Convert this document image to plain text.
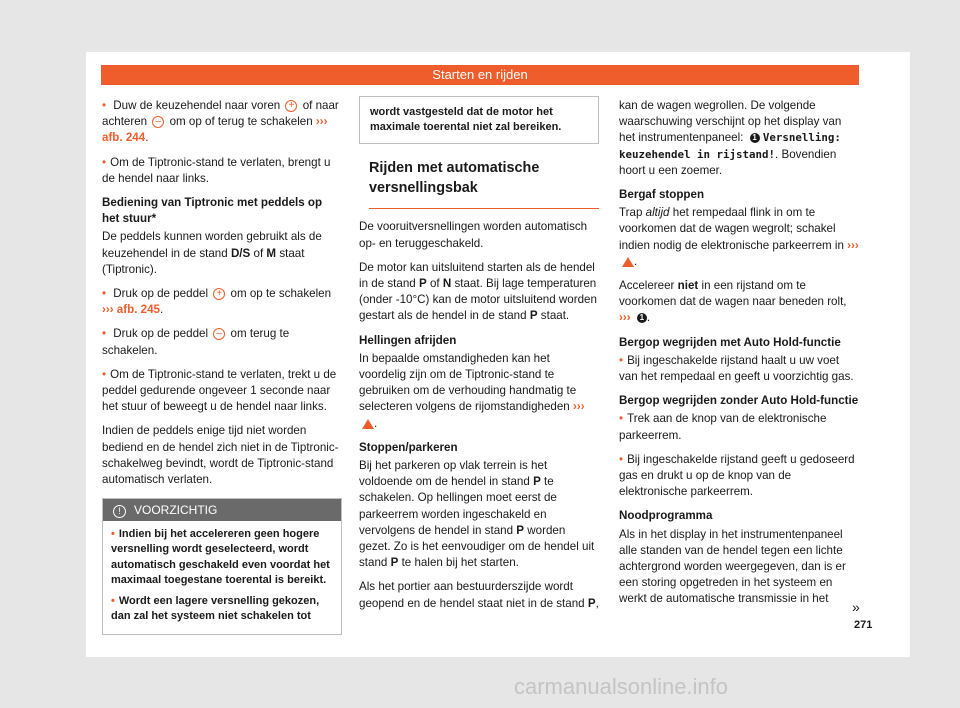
Starten en rijden

• Duw de keuzehendel naar voren + of naar achteren – om op of terug te schakelen ››› afb. 244.

• Om de Tiptronic-stand te verlaten, brengt u de hendel naar links.

Bediening van Tiptronic met peddels op het stuur*

De peddels kunnen worden gebruikt als de keuzehendel in de stand D/S of M staat (Tiptronic).

• Druk op de peddel + om op te schakelen ››› afb. 245.

• Druk op de peddel – om terug te schakelen.

• Om de Tiptronic-stand te verlaten, trekt u de peddel gedurende ongeveer 1 seconde naar het stuur of beweegt u de hendel naar links.

Indien de peddels enige tijd niet worden bediend en de hendel zich niet in de Tiptronic-schakelweg bevindt, wordt de Tiptronic-stand automatisch verlaten.

! VOORZICHTIG

• Indien bij het accelereren geen hogere versnelling wordt geselecteerd, wordt automatisch geschakeld even voordat het maximaal toegestane toerental is bereikt.

• Wordt een lagere versnelling gekozen, dan zal het systeem niet schakelen tot

wordt vastgesteld dat de motor het maximale toerental niet zal bereiken.
Rijden met automatische versnellingsbak

De vooruitversnellingen worden automatisch op- en teruggeschakeld.

De motor kan uitsluitend starten als de hendel in de stand P of N staat. Bij lage temperaturen (onder -10°C) kan de motor uitsluitend worden gestart als de hendel in de stand P staat.

Hellingen afrijden

In bepaalde omstandigheden kan het voordelig zijn om de Tiptronic-stand te gebruiken om de verhouding handmatig te selecteren volgens de rijomstandigheden ››› .

Stoppen/parkeren

Bij het parkeren op vlak terrein is het voldoende om de hendel in stand P te schakelen. Op hellingen moet eerst de parkeerrem worden ingeschakeld en vervolgens de hendel in stand P worden gezet. Zo is het eenvoudiger om de hendel uit stand P te halen bij het starten.

Als het portier aan bestuurderszijde wordt geopend en de hendel staat niet in de stand P,

kan de wagen wegrollen. De volgende waarschuwing verschijnt op het display van het instrumentenpaneel: 1 Versnelling: keuzehendel in rijstand!. Bovendien hoort u een zoemer.

Bergaf stoppen

Trap altijd het rempedaal flink in om te voorkomen dat de wagen wegrolt; schakel indien nodig de elektronische parkeerrem in ››› .

Accelereer niet in een rijstand om te voorkomen dat de wagen naar beneden rolt, ››› 1 .

Bergop wegrijden met Auto Hold-functie

• Bij ingeschakelde rijstand haalt u uw voet van het rempedaal en geeft u voorzichtig gas.

Bergop wegrijden zonder Auto Hold-functie

• Trek aan de knop van de elektronische parkeerrem.

• Bij ingeschakelde rijstand geeft u gedoseerd gas en drukt u op de knop van de elektronische parkeerrem.

Noodprogramma

Als in het display in het instrumentenpaneel alle standen van de hendel tegen een lichte achtergrond worden weergegeven, dan is er een storing opgetreden in het systeem en werkt de automatische transmissie in het

»
271
carmanualsonline.info
